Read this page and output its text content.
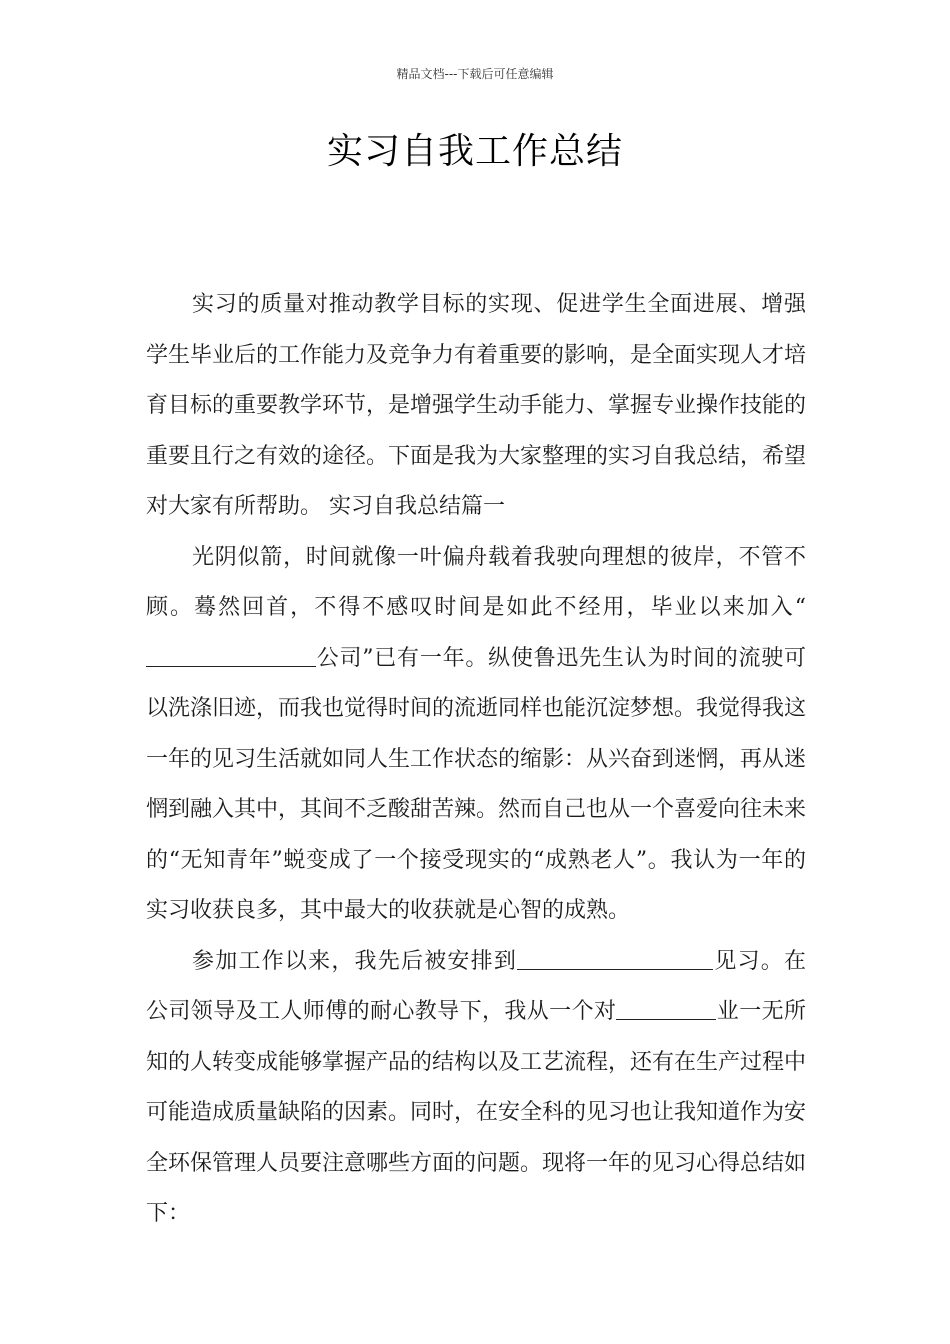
精品文档---下载后可任意编辑
实习自我工作总结

实习的质量对推动教学目标的实现、促进学生全面进展、增强学生毕业后的工作能力及竞争力有着重要的影响，是全面实现人才培育目标的重要教学环节，是增强学生动手能力、掌握专业操作技能的重要且行之有效的途径。下面是我为大家整理的实习自我总结，希望对大家有所帮助。 实习自我总结篇一

光阴似箭，时间就像一叶偏舟载着我驶向理想的彼岸，不管不顾。蓦然回首，不得不感叹时间是如此不经用，毕业以来加入“公司”已有一年。纵使鲁迅先生认为时间的流驶可以洗涤旧迹，而我也觉得时间的流逝同样也能沉淀梦想。我觉得我这一年的见习生活就如同人生工作状态的缩影：从兴奋到迷惘，再从迷惘到融入其中，其间不乏酸甜苦辣。然而自己也从一个喜爱向往未来的“无知青年”蜕变成了一个接受现实的“成熟老人”。我认为一年的实习收获良多，其中最大的收获就是心智的成熟。

参加工作以来，我先后被安排到	见习。在公司领导及工人师傅的耐心教导下，我从一个对	业一无所知的人转变成能够掌握产品的结构以及工艺流程，还有在生产过程中可能造成质量缺陷的因素。同时，在安全科的见习也让我知道作为安全环保管理人员要注意哪些方面的问题。现将一年的见习心得总结如下：
